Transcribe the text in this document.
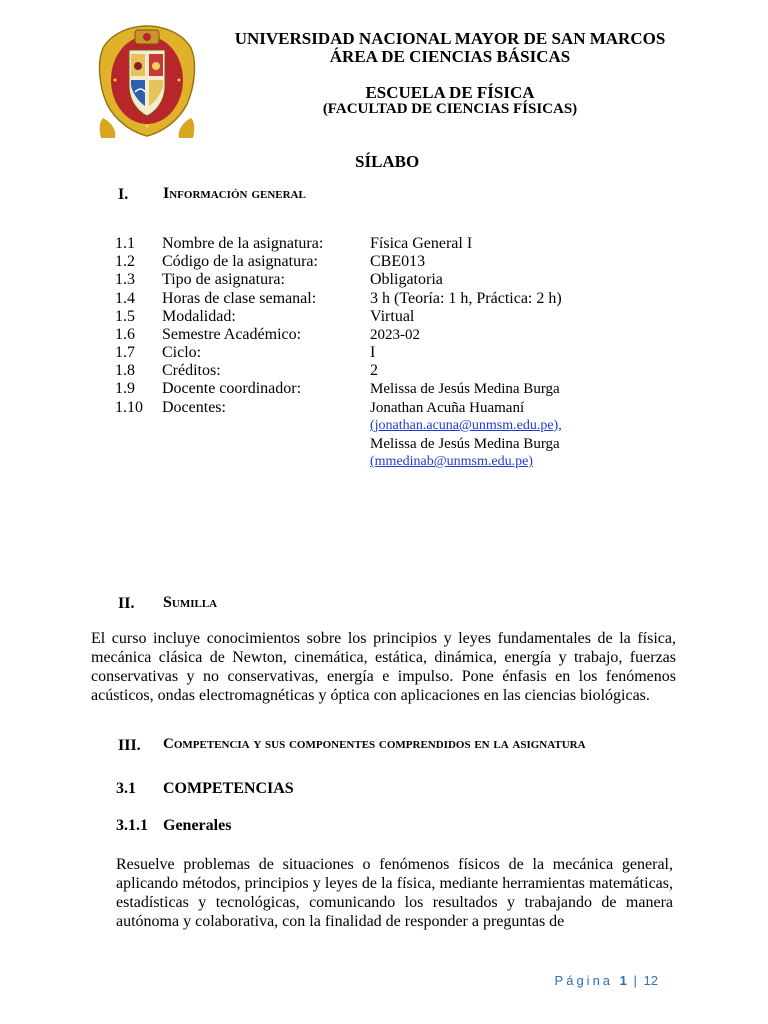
UNIVERSIDAD NACIONAL MAYOR DE SAN MARCOS
ÁREA DE CIENCIAS BÁSICAS
ESCUELA DE FÍSICA
(FACULTAD DE CIENCIAS FÍSICAS)
SÍLABO
I. Información general
1.1 Nombre de la asignatura:	Física General I
1.2 Código de la asignatura:	CBE013
1.3 Tipo de asignatura:	Obligatoria
1.4 Horas de clase semanal:	3 h (Teoría: 1 h, Práctica: 2 h)
1.5 Modalidad:	Virtual
1.6 Semestre Académico:	2023-02
1.7 Ciclo:	I
1.8 Créditos:	2
1.9 Docente coordinador:	Melissa de Jesús Medina Burga
1.10 Docentes:	Jonathan Acuña Huamaní
(jonathan.acuna@unmsm.edu.pe),
Melissa de Jesús Medina Burga
(mmedinab@unmsm.edu.pe)
II. Sumilla
El curso incluye conocimientos sobre los principios y leyes fundamentales de la física, mecánica clásica de Newton, cinemática, estática, dinámica, energía y trabajo, fuerzas conservativas y no conservativas, energía e impulso. Pone énfasis en los fenómenos acústicos, ondas electromagnéticas y óptica con aplicaciones en las ciencias biológicas.
III. Competencia y sus componentes comprendidos en la asignatura
3.1 COMPETENCIAS
3.1.1 Generales
Resuelve problemas de situaciones o fenómenos físicos de la mecánica general, aplicando métodos, principios y leyes de la física, mediante herramientas matemáticas, estadísticas y tecnológicas, comunicando los resultados y trabajando de manera autónoma y colaborativa, con la finalidad de responder a preguntas de
Página 1 | 12
